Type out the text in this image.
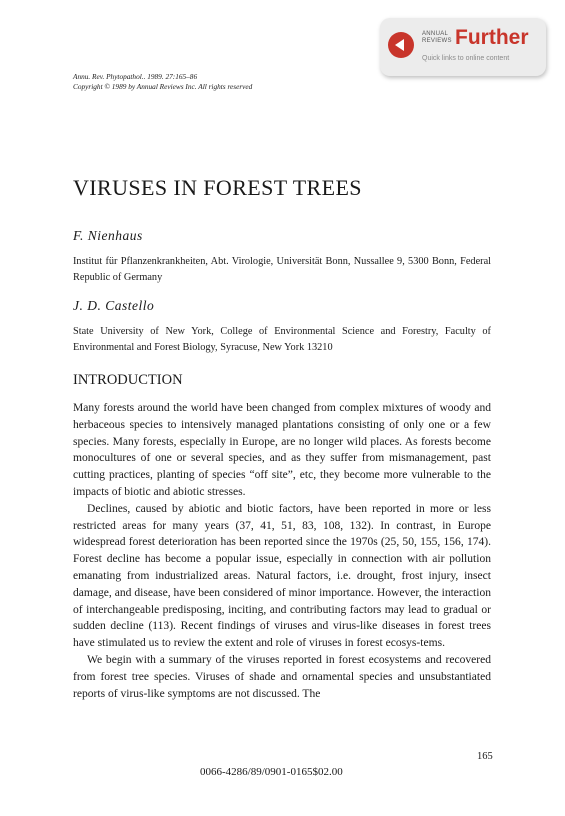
ANNUAL
REVIEWS Further
Quick links to online content
Annu. Rev. Phytopathol.. 1989. 27:165–86
Copyright © 1989 by Annual Reviews Inc. All rights reserved
VIRUSES IN FOREST TREES
F. Nienhaus
Institut für Pflanzenkrankheiten, Abt. Virologie, Universität Bonn, Nussallee 9, 5300 Bonn, Federal Republic of Germany
J. D. Castello
State University of New York, College of Environmental Science and Forestry, Faculty of Environmental and Forest Biology, Syracuse, New York 13210
INTRODUCTION

Many forests around the world have been changed from complex mixtures of woody and herbaceous species to intensively managed plantations consisting of only one or a few species. Many forests, especially in Europe, are no longer wild places. As forests become monocultures of one or several species, and as they suffer from mismanagement, past cutting practices, planting of species “off site”, etc, they become more vulnerable to the impacts of biotic and abiotic stresses.

Declines, caused by abiotic and biotic factors, have been reported in more or less restricted areas for many years (37, 41, 51, 83, 108, 132). In contrast, in Europe widespread forest deterioration has been reported since the 1970s (25, 50, 155, 156, 174). Forest decline has become a popular issue, especially in connection with air pollution emanating from industrialized areas. Natural factors, i.e. drought, frost injury, insect damage, and disease, have been considered of minor importance. However, the interaction of interchangeable predisposing, inciting, and contributing factors may lead to gradual or sudden decline (113). Recent findings of viruses and virus-like diseases in forest trees have stimulated us to review the extent and role of viruses in forest ecosys-tems.

We begin with a summary of the viruses reported in forest ecosystems and recovered from forest tree species. Viruses of shade and ornamental species and unsubstantiated reports of virus-like symptoms are not discussed. The

165
0066-4286/89/0901-0165$02.00
